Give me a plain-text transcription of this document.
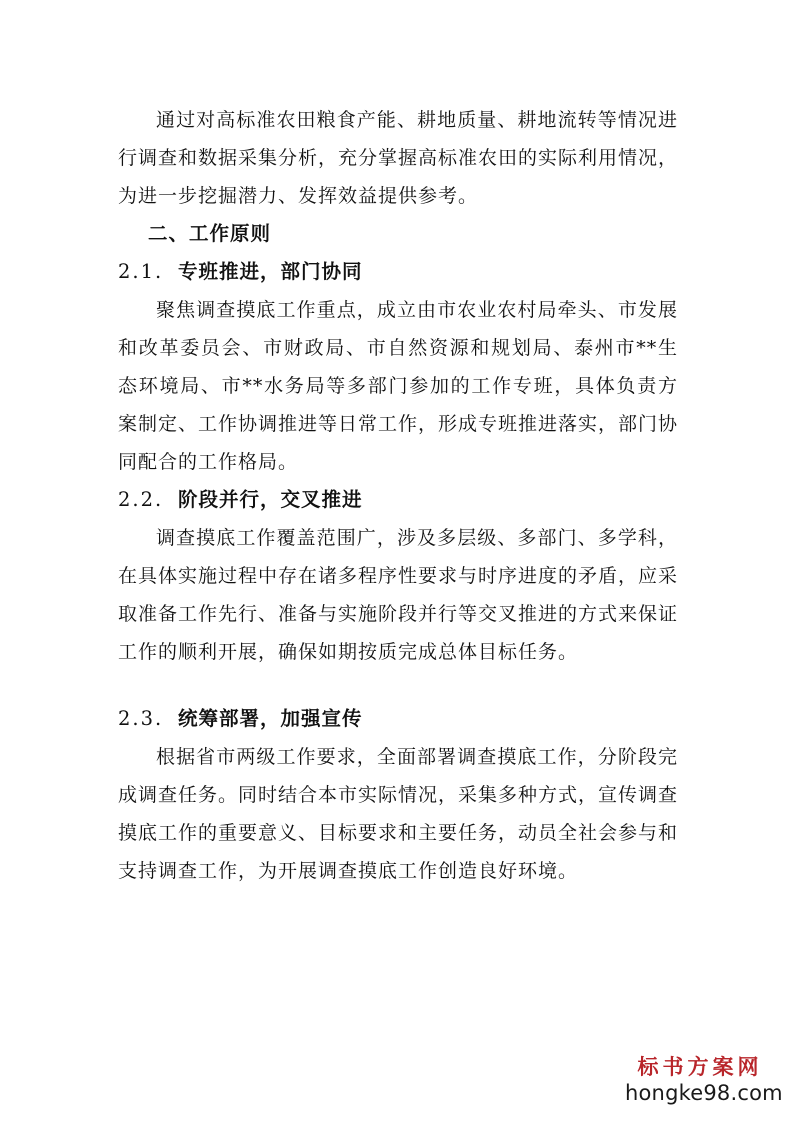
通过对高标准农田粮食产能、耕地质量、耕地流转等情况进行调查和数据采集分析，充分掌握高标准农田的实际利用情况，为进一步挖掘潜力、发挥效益提供参考。

二、工作原则

2.1. 专班推进，部门协同

聚焦调查摸底工作重点，成立由市农业农村局牵头、市发展和改革委员会、市财政局、市自然资源和规划局、泰州市**生态环境局、市**水务局等多部门参加的工作专班，具体负责方案制定、工作协调推进等日常工作，形成专班推进落实，部门协同配合的工作格局。

2.2. 阶段并行，交叉推进

调查摸底工作覆盖范围广，涉及多层级、多部门、多学科，在具体实施过程中存在诸多程序性要求与时序进度的矛盾，应采取准备工作先行、准备与实施阶段并行等交叉推进的方式来保证工作的顺利开展，确保如期按质完成总体目标任务。

2.3. 统筹部署，加强宣传

根据省市两级工作要求，全面部署调查摸底工作，分阶段完成调查任务。同时结合本市实际情况，采集多种方式，宣传调查摸底工作的重要意义、目标要求和主要任务，动员全社会参与和支持调查工作，为开展调查摸底工作创造良好环境。

标书方案网
hongke98.com
